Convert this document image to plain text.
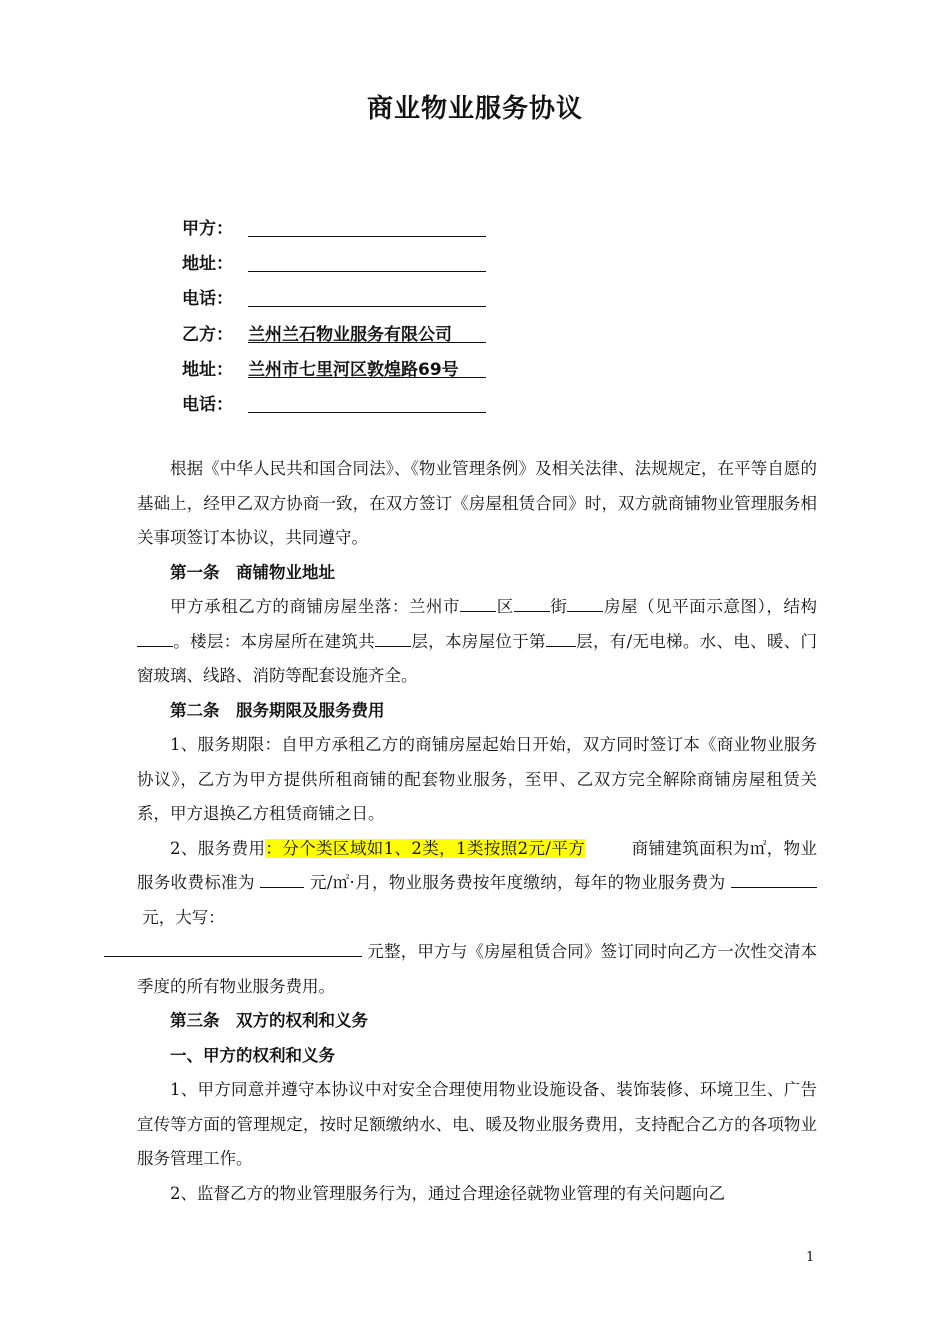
商业物业服务协议
甲方：
地址：
电话：
乙方： 兰州兰石物业服务有限公司
地址： 兰州市七里河区敦煌路69号
电话：

根据《中华人民共和国合同法》、《物业管理条例》及相关法律、法规规定，在平等自愿的基础上，经甲乙双方协商一致，在双方签订《房屋租赁合同》时，双方就商铺物业管理服务相关事项签订本协议，共同遵守。

第一条　商铺物业地址

甲方承租乙方的商铺房屋坐落：兰州市 区 街 房屋（见平面示意图），结构。楼层：本房屋所在建筑共 层，本房屋位于第 层，有/无电梯。水、电、暖、门窗玻璃、线路、消防等配套设施齐全。

第二条　服务期限及服务费用

1、服务期限：自甲方承租乙方的商铺房屋起始日开始，双方同时签订本《商业物业服务协议》，乙方为甲方提供所租商铺的配套物业服务，至甲、乙双方完全解除商铺房屋租赁关系，甲方退换乙方租赁商铺之日。

2、服务费用：分个类区域如1、2类，1类按照2元/平方	商铺建筑面积为㎡，物业服务收费标准为	元/㎡·月，物业服务费按年度缴纳，每年的物业服务费为  元，大写：
元整，甲方与《房屋租赁合同》签订同时向乙方一次性交清本季度的所有物业服务费用。

第三条　双方的权利和义务

一、甲方的权利和义务

1、甲方同意并遵守本协议中对安全合理使用物业设施设备、装饰装修、环境卫生、广告宣传等方面的管理规定，按时足额缴纳水、电、暖及物业服务费用，支持配合乙方的各项物业服务管理工作。

2、监督乙方的物业管理服务行为，通过合理途径就物业管理的有关问题向乙

1
